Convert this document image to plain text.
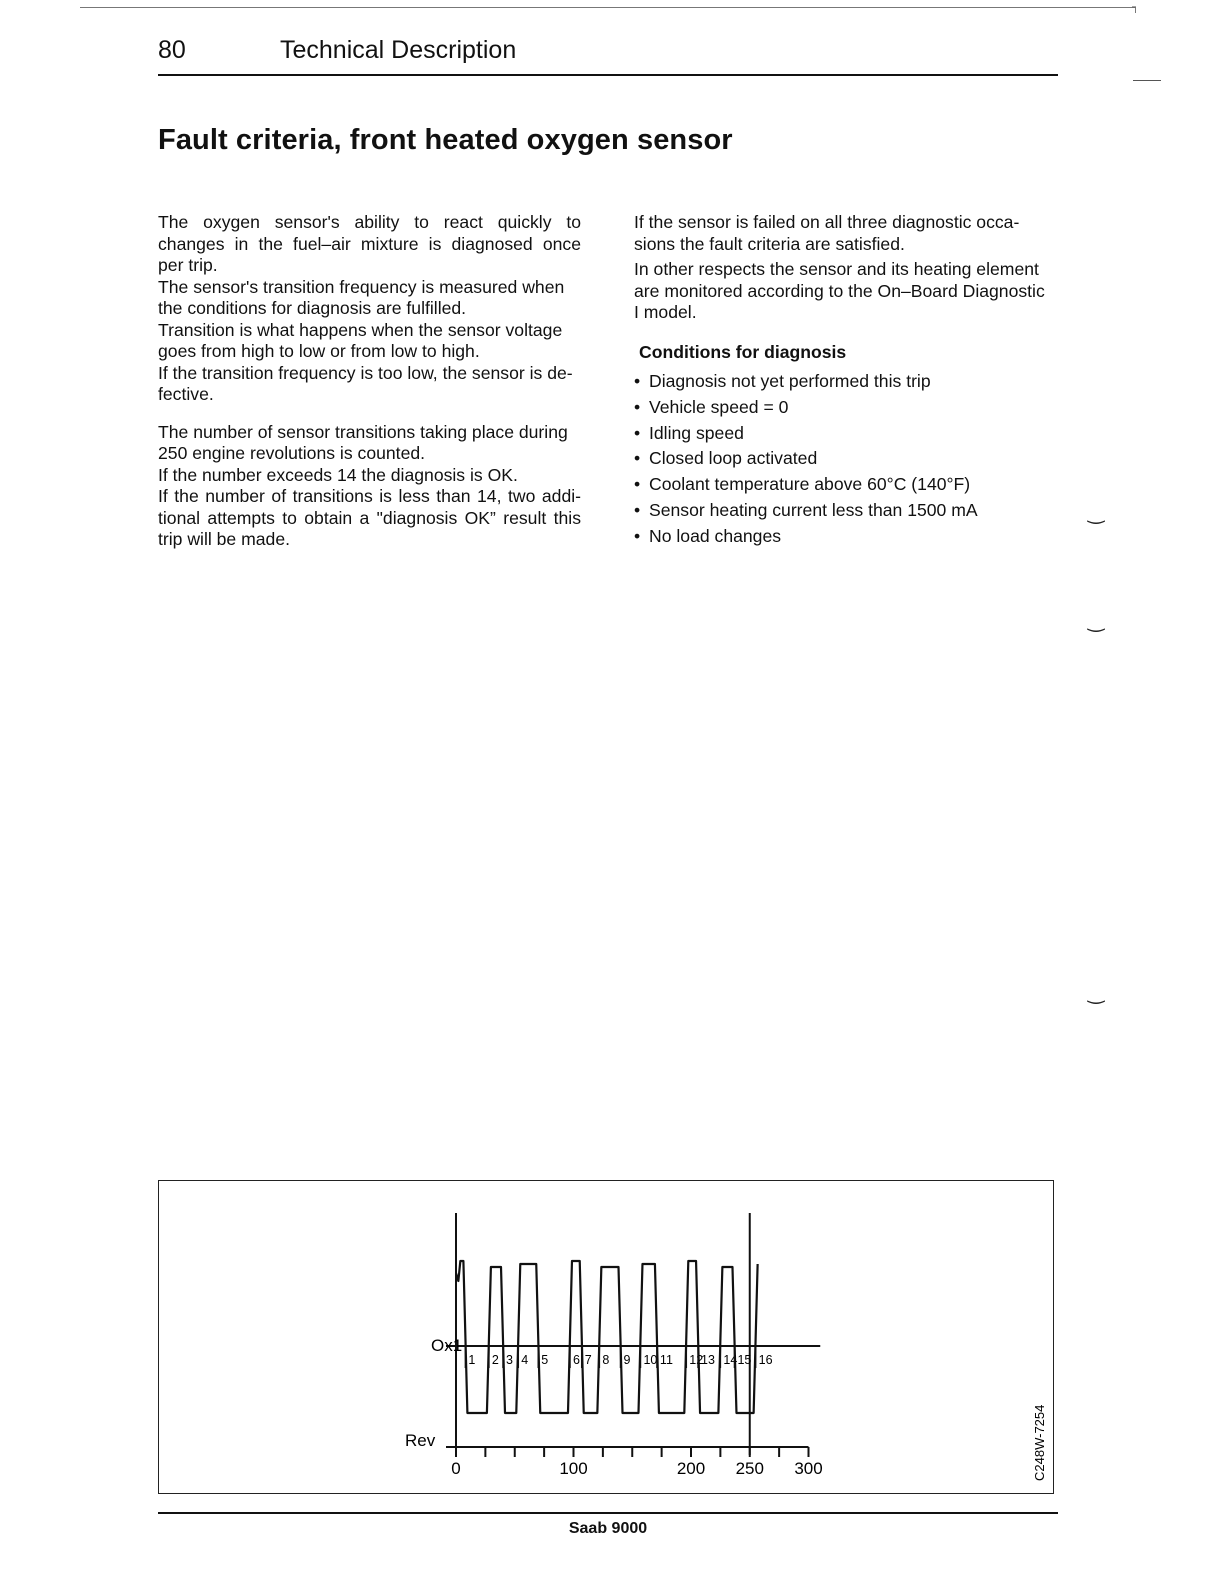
┐
80	Technical Description
Fault criteria, front heated oxygen sensor

The oxygen sensor's ability to react quickly to
changes in the fuel–air mixture is diagnosed once
per trip.

The sensor's transition frequency is measured when
the conditions for diagnosis are fulfilled.

Transition is what happens when the sensor voltage
goes from high to low or from low to high.

If the transition frequency is too low, the sensor is de-
fective.

The number of sensor transitions taking place during
250 engine revolutions is counted.

If the number exceeds 14 the diagnosis is OK.

If the number of transitions is less than 14, two addi-
tional attempts to obtain a "diagnosis OK” result this
trip will be made.

If the sensor is failed on all three diagnostic occa-
sions the fault criteria are satisfied.

In other respects the sensor and its heating element
are monitored according to the On–Board Diagnostic
I model.

Conditions for diagnosis

• Diagnosis not yet performed this trip
• Vehicle speed = 0
• Idling speed
• Closed loop activated
• Coolant temperature above 60°C (140°F)
• Sensor heating current less than 1500 mA
• No load changes
‿
‿
‿
0	100	200 250 300
1 2 3 4 5 6 7 8 9 10 11 12
13 14 15 16
Ox1
Rev	C248W-7254
Saab 9000
